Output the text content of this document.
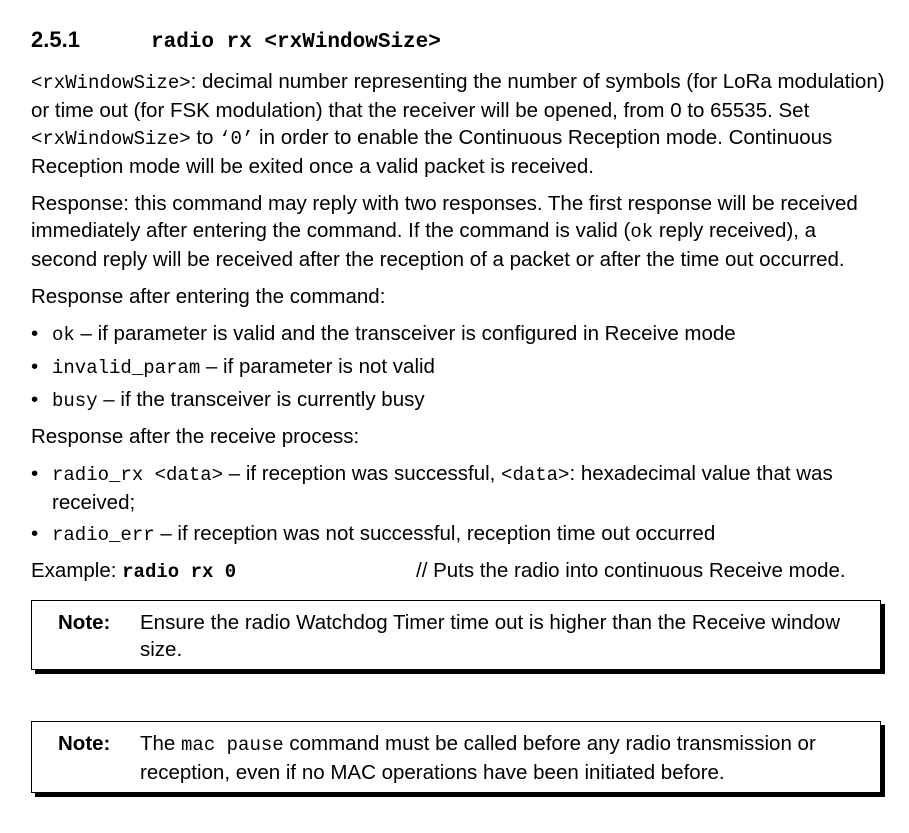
2.5.1	radio rx <rxWindowSize>

<rxWindowSize>: decimal number representing the number of symbols (for LoRa modulation) or time out (for FSK modulation) that the receiver will be opened, from 0 to 65535. Set <rxWindowSize> to ‘0’ in order to enable the Continuous Reception mode. Continuous Reception mode will be exited once a valid packet is received.

Response: this command may reply with two responses. The first response will be received immediately after entering the command. If the command is valid (ok reply received), a second reply will be received after the reception of a packet or after the time out occurred.

Response after entering the command:

• ok – if parameter is valid and the transceiver is configured in Receive mode
• invalid_param – if parameter is not valid
• busy – if the transceiver is currently busy

Response after the receive process:

• radio_rx <data> – if reception was successful, <data>: hexadecimal value that was received;
• radio_err – if reception was not successful, reception time out occurred
Example: radio rx 0	// Puts the radio into continuous Receive mode.
Note:	Ensure the radio Watchdog Timer time out is higher than the Receive window size.
Note:	The mac pause command must be called before any radio transmission or reception, even if no MAC operations have been initiated before.
